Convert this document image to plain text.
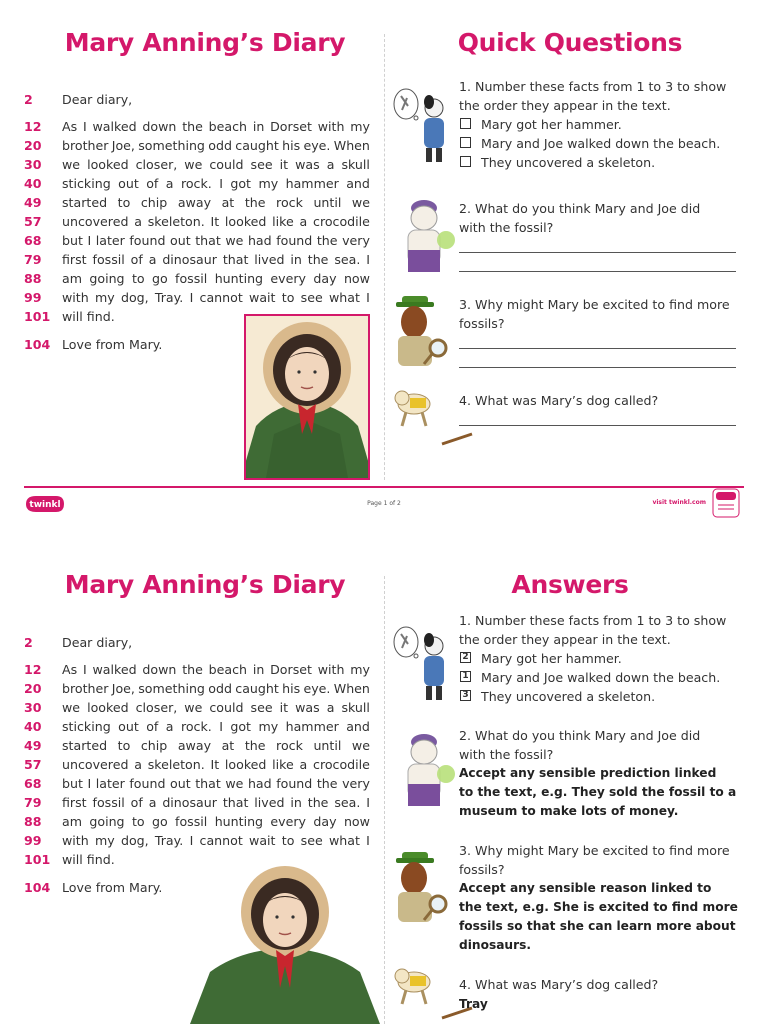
Mary Anning’s Diary	Quick Questions
2	Dear diary,
12	As I walked down the beach in Dorset with my
20	brother Joe, something odd caught his eye. When
30	we looked closer, we could see it was a skull
40	sticking out of a rock. I got my hammer and
49	started to chip away at the rock until we
57	uncovered a skeleton. It looked like a crocodile
68	but I later found out that we had found the very
79	first fossil of a dinosaur that lived in the sea. I
88	am going to go fossil hunting every day now
99	with my dog, Tray. I cannot wait to see what I
101 will find.
104 Love from Mary.
1. Number these facts from 1 to 3 to show
the order they appear in the text.
Mary got her hammer.
Mary and Joe walked down the beach.
They uncovered a skeleton.
2. What do you think Mary and Joe did
with the fossil?
3. Why might Mary be excited to find more
fossils?
4. What was Mary’s dog called?
twinkl	Page 1 of 2	visit twinkl.com
Mary Anning’s Diary	Answers
2	Dear diary,
12	As I walked down the beach in Dorset with my
20	brother Joe, something odd caught his eye. When
30	we looked closer, we could see it was a skull
40	sticking out of a rock. I got my hammer and
49	started to chip away at the rock until we
57	uncovered a skeleton. It looked like a crocodile
68	but I later found out that we had found the very
79	first fossil of a dinosaur that lived in the sea. I
88	am going to go fossil hunting every day now
99	with my dog, Tray. I cannot wait to see what I
101 will find.
104 Love from Mary.
1. Number these facts from 1 to 3 to show
the order they appear in the text.
2 Mary got her hammer.
1 Mary and Joe walked down the beach.
3 They uncovered a skeleton.
2. What do you think Mary and Joe did
with the fossil?
Accept any sensible prediction linked
to the text, e.g. They sold the fossil to a
museum to make lots of money.
3. Why might Mary be excited to find more
fossils?
Accept any sensible reason linked to
the text, e.g. She is excited to find more
fossils so that she can learn more about
dinosaurs.
4. What was Mary’s dog called?
Tray
